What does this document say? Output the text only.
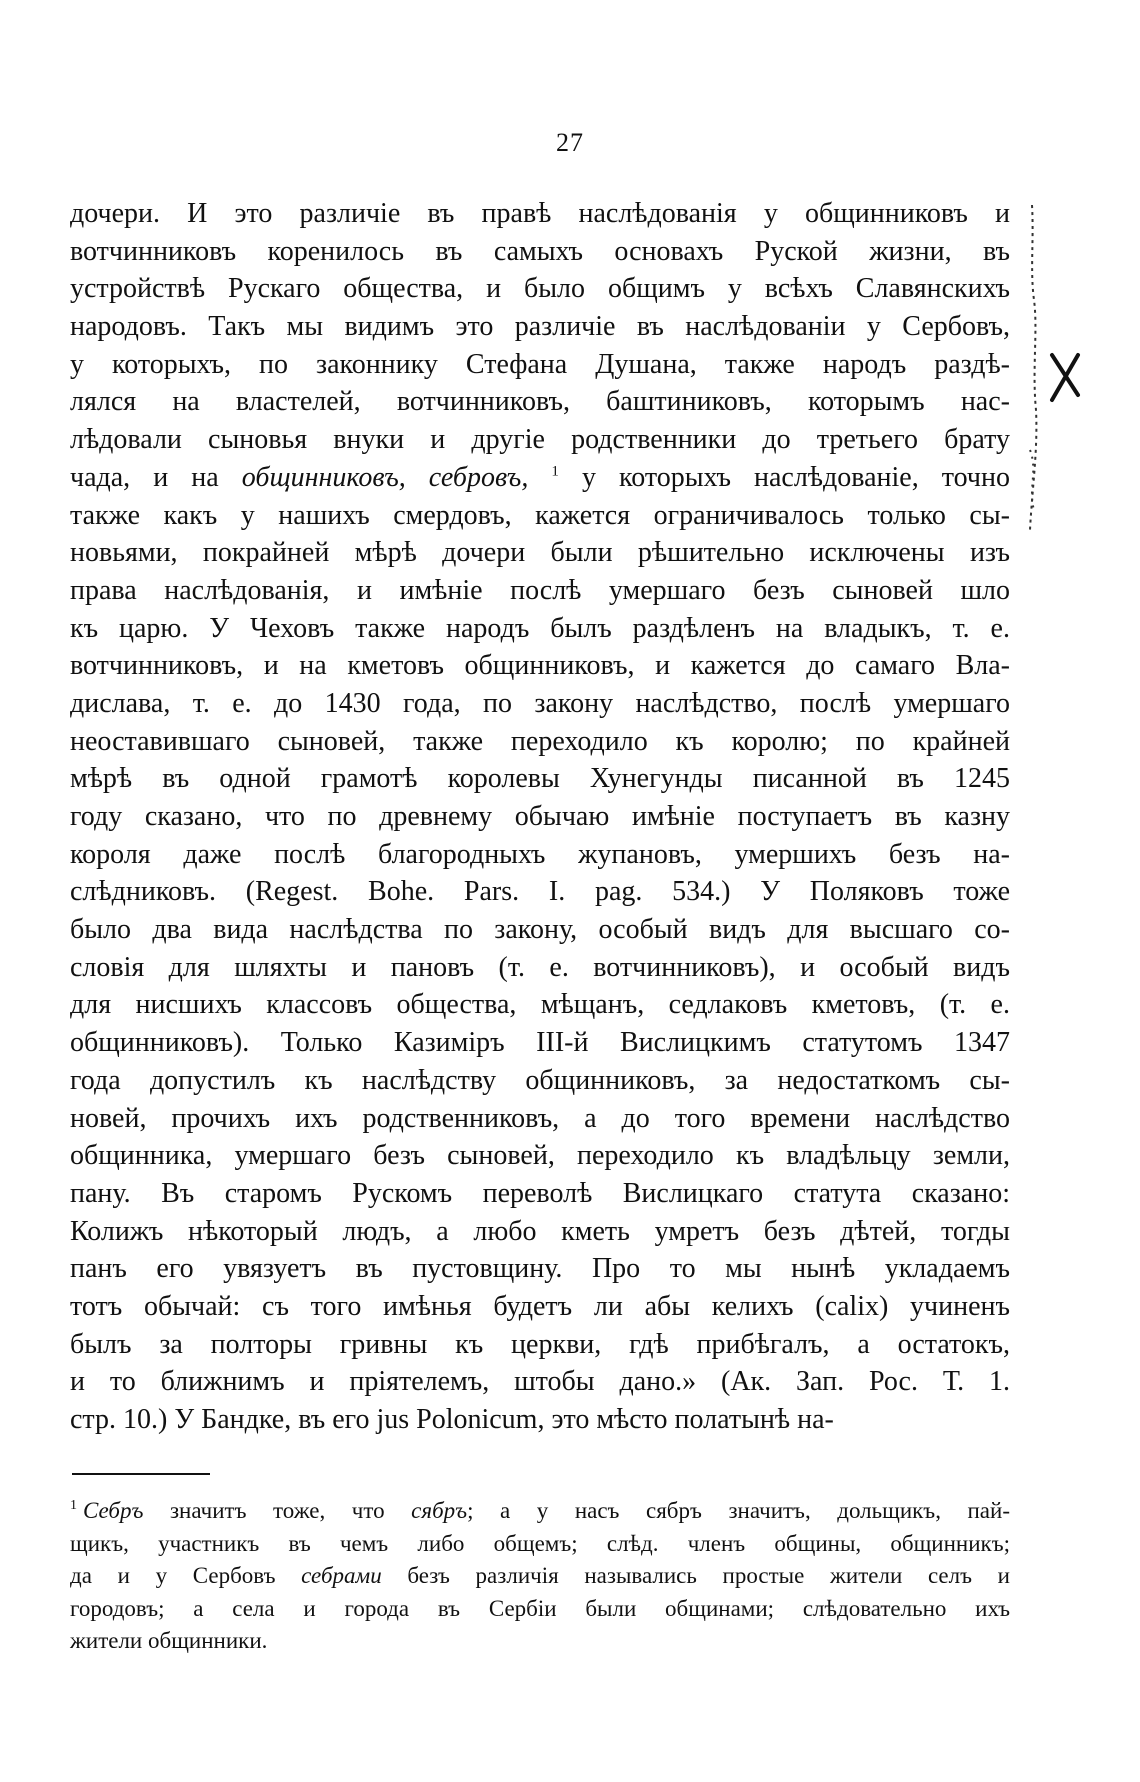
27
дочери. И это различіе въ правѣ наслѣдованія у общинниковъ и
вотчинниковъ коренилось въ самыхъ основахъ Руской жизни, въ
устройствѣ Рускаго общества, и было общимъ у всѣхъ Славянскихъ
народовъ. Такъ мы видимъ это различіе въ наслѣдованіи у Сербовъ,
у которыхъ, по законнику Стефана Душана, также народъ раздѣ-
лялся на властелей, вотчинниковъ, баштиниковъ, которымъ нас-
лѣдовали сыновья внуки и другіе родственники до третьего брату
чада, и на общинниковъ, себровъ, $^1$ у которыхъ наслѣдованіе, точно
также какъ у нашихъ смердовъ, кажется ограничивалось только сы-
новьями, покрайней мѣрѣ дочери были рѣшительно исключены изъ
права наслѣдованія, и имѣніе послѣ умершаго безъ сыновей шло
къ царю. У Чеховъ также народъ былъ раздѣленъ на владыкъ, т. е.
вотчинниковъ, и на кметовъ общинниковъ, и кажется до самаго Вла-
дислава, т. е. до 1430 года, по закону наслѣдство, послѣ умершаго
неоставившаго сыновей, также переходило къ королю; по крайней
мѣрѣ въ одной грамотѣ королевы Хунегунды писанной въ 1245
году сказано, что по древнему обычаю имѣніе поступаетъ въ казну
короля даже послѣ благородныхъ жупановъ, умершихъ безъ на-
слѣдниковъ. (Regest. Bohe. Pars. I. pag. 534.) У Поляковъ тоже
было два вида наслѣдства по закону, особый видъ для высшаго со-
словія для шляхты и пановъ (т. е. вотчинниковъ), и особый видъ
для нисшихъ классовъ общества, мѣщанъ, седлаковъ кметовъ, (т. е.
общинниковъ). Только Казиміръ III-й Вислицкимъ статутомъ 1347
года допустилъ къ наслѣдству общинниковъ, за недостаткомъ сы-
новей, прочихъ ихъ родственниковъ, а до того времени наслѣдство
общинника, умершаго безъ сыновей, переходило къ владѣльцу земли,
пану. Въ старомъ Рускомъ переволѣ Вислицкаго статута сказано:
Колижъ нѣкоторый людъ, а любо кметь умретъ безъ дѣтей, тогды
панъ его увязуетъ въ пустовщину. Про то мы нынѣ укладаемъ
тотъ обычай: съ того имѣнья будетъ ли абы келихъ (calix) учиненъ
былъ за полторы гривны къ церкви, гдѣ прибѣгалъ, а остатокъ,
и то ближнимъ и пріятелемъ, штобы дано.» (Ак. Зап. Рос. Т. 1.
стр. 10.) У Бандке, въ его jus Polonicum, это мѣсто полатынѣ на-
$^1$ Себръ значитъ тоже, что сябръ; а у насъ сябръ значитъ, дольщикъ, пай-
щикъ, участникъ въ чемъ либо общемъ; слѣд. членъ общины, общинникъ;
да и у Сербовъ себрами безъ различія назывались простые жители селъ и
городовъ; а села и города въ Сербіи были общинами; слѣдовательно ихъ
жители общинники.
